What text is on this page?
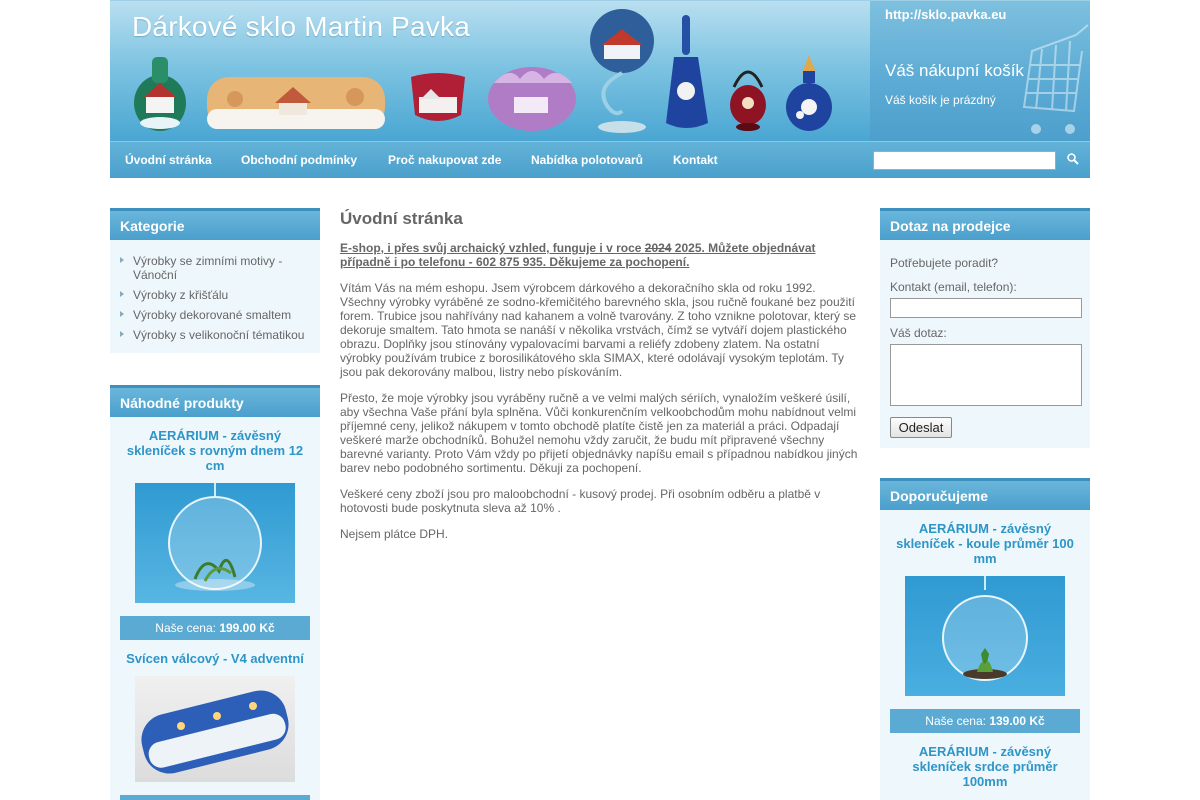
Dárkové sklo Martin Pavka	http://sklo.pavka.eu
Váš nákupní košík
Váš košík je prázdný
Úvodní stránka Obchodní podmínky	Proč nakupovat zde Nabídka polotovarů Kontakt
Kategorie
Výrobky se zimními motivy - Vánoční
Výrobky z křišťálu
Výrobky dekorované smaltem
Výrobky s velikonoční tématikou
Náhodné produkty
AERÁRIUM - závěsný skleníček s rovným dnem 12 cm
Naše cena: 199.00 Kč
Svícen válcový - V4 adventní
Úvodní stránka
E-shop, i přes svůj archaický vzhled, funguje i v roce 2024 2025. Můžete objednávat případně i po telefonu - 602 875 935. Děkujeme za pochopení.
Vítám Vás na mém eshopu. Jsem výrobcem dárkového a dekoračního skla od roku 1992. Všechny výrobky vyráběné ze sodno-křemičitého barevného skla, jsou ručně foukané bez použití forem. Trubice jsou nahřívány nad kahanem a volně tvarovány. Z toho vznikne polotovar, který se dekoruje smaltem. Tato hmota se nanáší v několika vrstvách, čímž se vytváří dojem plastického obrazu. Doplňky jsou stínovány vypalovacími barvami a reliéfy zdobeny zlatem. Na ostatní výrobky používám trubice z borosilikátového skla SIMAX, které odolávají vysokým teplotám. Ty jsou pak dekorovány malbou, listry nebo pískováním.
Přesto, že moje výrobky jsou vyráběny ručně a ve velmi malých sériích, vynaložím veškeré úsilí, aby všechna Vaše přání byla splněna. Vůči konkurenčním velkoobchodům mohu nabídnout velmi příjemné ceny, jelikož nákupem v tomto obchodě platíte čistě jen za materiál a práci. Odpadají veškeré marže obchodníků. Bohužel nemohu vždy zaručit, že budu mít připravené všechny barevné varianty. Proto Vám vždy po přijetí objednávky napíšu email s případnou nabídkou jiných barev nebo podobného sortimentu. Děkuji za pochopení.
Veškeré ceny zboží jsou pro maloobchodní - kusový prodej. Při osobním odběru a platbě v hotovosti bude poskytnuta sleva až 10% .
Nejsem plátce DPH.
Dotaz na prodejce
Potřebujete poradit?
Kontakt (email, telefon):
Váš dotaz:
Odeslat
Doporučujeme
AERÁRIUM - závěsný skleníček - koule průměr 100 mm
Naše cena: 139.00 Kč
AERÁRIUM - závěsný skleníček srdce průměr 100mm
